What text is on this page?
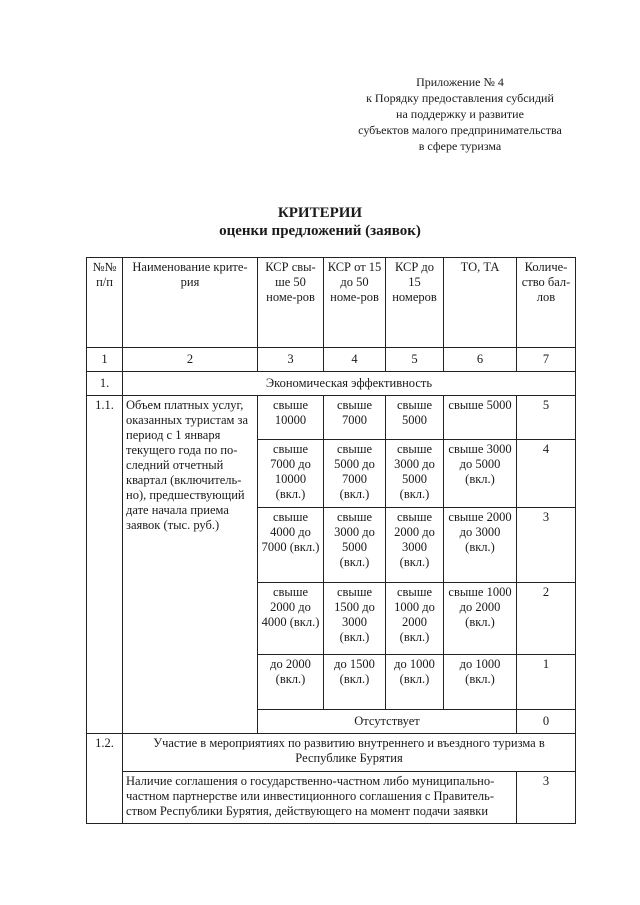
Приложение № 4
к Порядку предоставления субсидий
на поддержку и развитие
субъектов малого предпринимательства
в сфере туризма
КРИТЕРИИ
оценки предложений (заявок)
№№ п/п	Наименование крите-рия	КСР свы-ше 50 номе-ров	КСР от 15 до 50 номе-ров	КСР до 15 номеров	ТО, ТА	Количе-ство бал-лов
1	2	3	4	5	6	7
1.	Экономическая эффективность					
1.1.	Объем платных услуг, оказанных туристам за период с 1 января текущего года по по-следний отчетный квартал (включитель-но), предшествующий дате начала приема заявок (тыс. руб.)	свыше 10000	свыше 7000	свыше 5000	свыше 5000	5
		свыше 7000 до 10000 (вкл.)	свыше 5000 до 7000 (вкл.)	свыше 3000 до 5000 (вкл.)	свыше 3000 до 5000 (вкл.)	4
		свыше 4000 до 7000 (вкл.)	свыше 3000 до 5000 (вкл.)	свыше 2000 до 3000 (вкл.)	свыше 2000 до 3000 (вкл.)	3
		свыше 2000 до 4000 (вкл.)	свыше 1500 до 3000 (вкл.)	свыше 1000 до 2000 (вкл.)	свыше 1000 до 2000 (вкл.)	2
		до 2000 (вкл.)	до 1500 (вкл.)	до 1000 (вкл.)	до 1000 (вкл.)	1
		Отсутствует				0
1.2.	Участие в мероприятиях по развитию внутреннего и въездного туризма в Республике Бурятия					
	Наличие соглашения о государственно-частном либо муниципально-частном партнерстве или инвестиционного соглашения с Правитель-ством Республики Бурятия, действующего на момент подачи заявки					3
